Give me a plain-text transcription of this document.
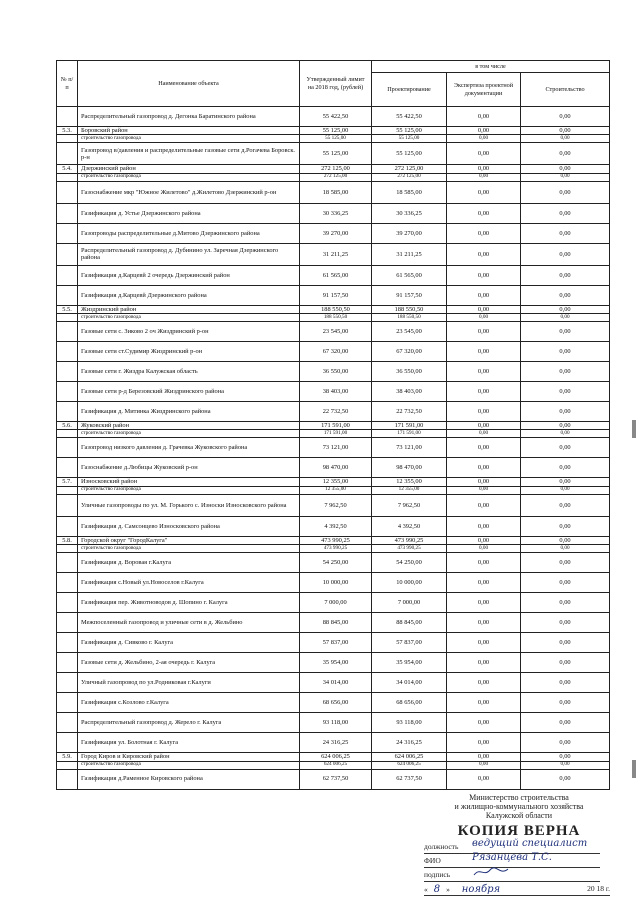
№ п/п	Наименование объекта	Утвержденный лимит на 2018 год, (рублей)	в том числе		
			Проектирование	Экспертиза проектной документации	Строительство
	Распределительный газопровод д. Дегонка Баратинского района	55 422,50	55 422,50	0,00	0,00
5.3.	Боровский район	55 125,00	55 125,00	0,00	0,00
	строительство газопровода	55 125,00	55 125,00	0,00	0,00
	Газопровод в/давления и распределительные газовые сети д.Рогачева Боровск. р-н	55 125,00	55 125,00	0,00	0,00
5.4.	Дзержинский район	272 125,00	272 125,00	0,00	0,00
	строительство газопровода	272 125,00	272 125,00	0,00	0,00
	Газоснабжение мкр "Южное Жилетово" д.Жилетово Дзержинский р-он	18 585,00	18 585,00	0,00	0,00
	Газификация д. Устье Дзержинского района	30 336,25	30 336,25	0,00	0,00
	Газопроводы распределительные д.Митово Дзержинского района	39 270,00	39 270,00	0,00	0,00
	Распределительный газопровод д. Дубинино ул. Заречная Дзержинского района	31 211,25	31 211,25	0,00	0,00
	Газификация д.Карцевй 2 очередь Дзержинский район	61 565,00	61 565,00	0,00	0,00
	Газификация д.Карцевй Дзержинского района	91 157,50	91 157,50	0,00	0,00
5.5.	Жиздринский район	188 550,50	188 550,50	0,00	0,00
	строительство газопровода	188 550,50	188 550,50	0,00	0,00
	Газовые сети с. Зиково 2 оч Жиздринский р-он	23 545,00	23 545,00	0,00	0,00
	Газовые сети ст.Судимир Жиздринский р-он	67 320,00	67 320,00	0,00	0,00
	Газовые сети г. Жиздра Калужская область	36 550,00	36 550,00	0,00	0,00
	Газовые сети р-д Березовский Жиздринского района	38 403,00	38 403,00	0,00	0,00
	Газификация д. Митинка Жиздринского района	22 732,50	22 732,50	0,00	0,00
5.6.	Жуковский район	171 591,00	171 591,00	0,00	0,00
	строительство газопровода	171 591,00	171 591,00	0,00	0,00
	Газопровод низкого давления д. Грачевка Жуковского района	73 121,00	73 121,00	0,00	0,00
	Газоснабжение д.Любицы Жуковский р-он	98 470,00	98 470,00	0,00	0,00
5.7.	Износковский район	12 355,00	12 355,00	0,00	0,00
	строительство газопровода	12 355,00	12 355,00	0,00	0,00
	Уличные газопроводы по ул. М. Горького с. Износки Износковского района	7 962,50	7 962,50	0,00	0,00
	Газификация д. Самсонцево Износковского района	4 392,50	4 392,50	0,00	0,00
5.8.	Городской округ "ГородКалуга"	473 990,25	473 990,25	0,00	0,00
	строительство газопровода	473 990,25	473 990,25	0,00	0,00
	Газификация д. Воровая г.Калуга	54 250,00	54 250,00	0,00	0,00
	Газификация с.Новый ул.Новоселов г.Калуга	10 000,00	10 000,00	0,00	0,00
	Газификация пер. Животноводов д. Шопино г. Калуга	7 000,00	7 000,00	0,00	0,00
	Межпоселенный газопровод и уличные сети в д. Жельбино	88 845,00	88 845,00	0,00	0,00
	Газификация д. Сивково г. Калуга	57 837,00	57 837,00	0,00	0,00
	Газовые сети д. Жельбино, 2-ая очередь г. Калуга	35 954,00	35 954,00	0,00	0,00
	Уличный газопровод по ул.Родниковая г.Калуги	34 014,00	34 014,00	0,00	0,00
	Газификация с.Козлово г.Калуга	68 656,00	68 656,00	0,00	0,00
	Распределительный газопровод д. Жерело г. Калуга	93 118,00	93 118,00	0,00	0,00
	Газификация ул. Болотная г. Калуга	24 316,25	24 316,25	0,00	0,00
5.9.	Город Киров и Кировский район	624 006,25	624 006,25	0,00	0,00
	строительство газопровода	624 006,25	624 006,25	0,00	0,00
	Газификация д.Раменное Кировского района	62 737,50	62 737,50	0,00	0,00
Министерство строительства
и жилищно-коммунального хозяйства
Калужской области
КОПИЯ ВЕРНА
должность ведущий специалист
ФИО	Рязанцева Т.С.
подпись
« 8 » ноября	20 18 г.
